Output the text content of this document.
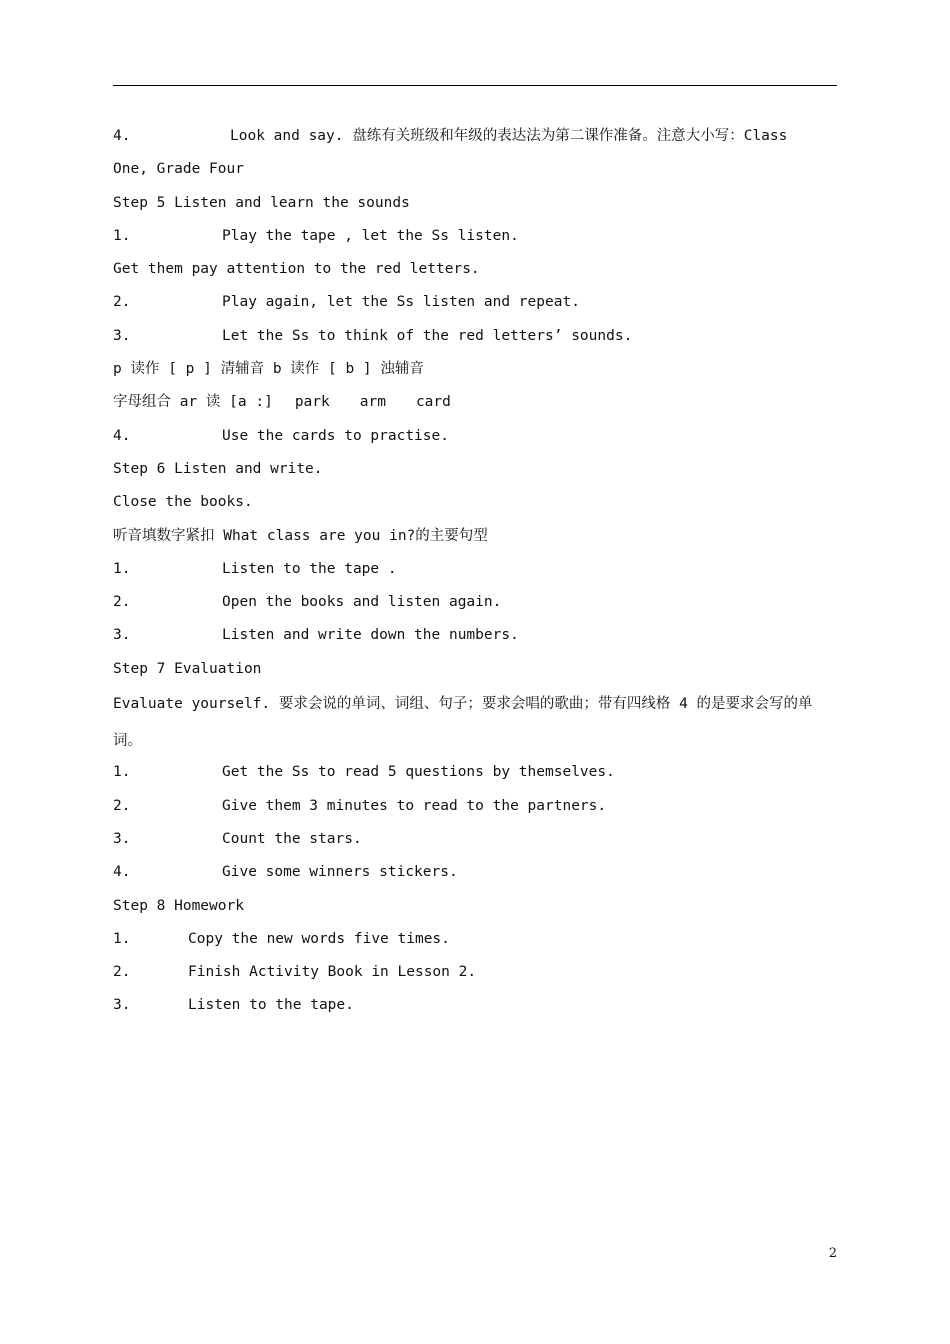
4.	Look and say. 盘练有关班级和年级的表达法为第二课作准备。注意大小写：Class
One, Grade Four
Step 5 Listen and learn the sounds
1.	Play the tape , let the Ss listen.
Get them pay attention to the red letters.
2.	Play again, let the Ss listen and repeat.
3.	Let the Ss to think of the red letters’ sounds.
p 读作 [ p ] 清辅音 b 读作 [ b ] 浊辅音
字母组合 ar 读 [a :] park arm card
4.	Use the cards to practise.
Step 6 Listen and write.
Close the books.
听音填数字紧扣 What class are you in?的主要句型
1.	Listen to the tape .
2.	Open the books and listen again.
3.	Listen and write down the numbers.
Step 7 Evaluation
Evaluate yourself. 要求会说的单词、词组、句子；要求会唱的歌曲；带有四线格 4 的是要求会写的单词。
1.	Get the Ss to read 5 questions by themselves.
2.	Give them 3 minutes to read to the partners.
3.	Count the stars.
4.	Give some winners stickers.
Step 8 Homework
1.	Copy the new words five times.
2.	Finish Activity Book in Lesson 2.
3.	Listen to the tape.
2
